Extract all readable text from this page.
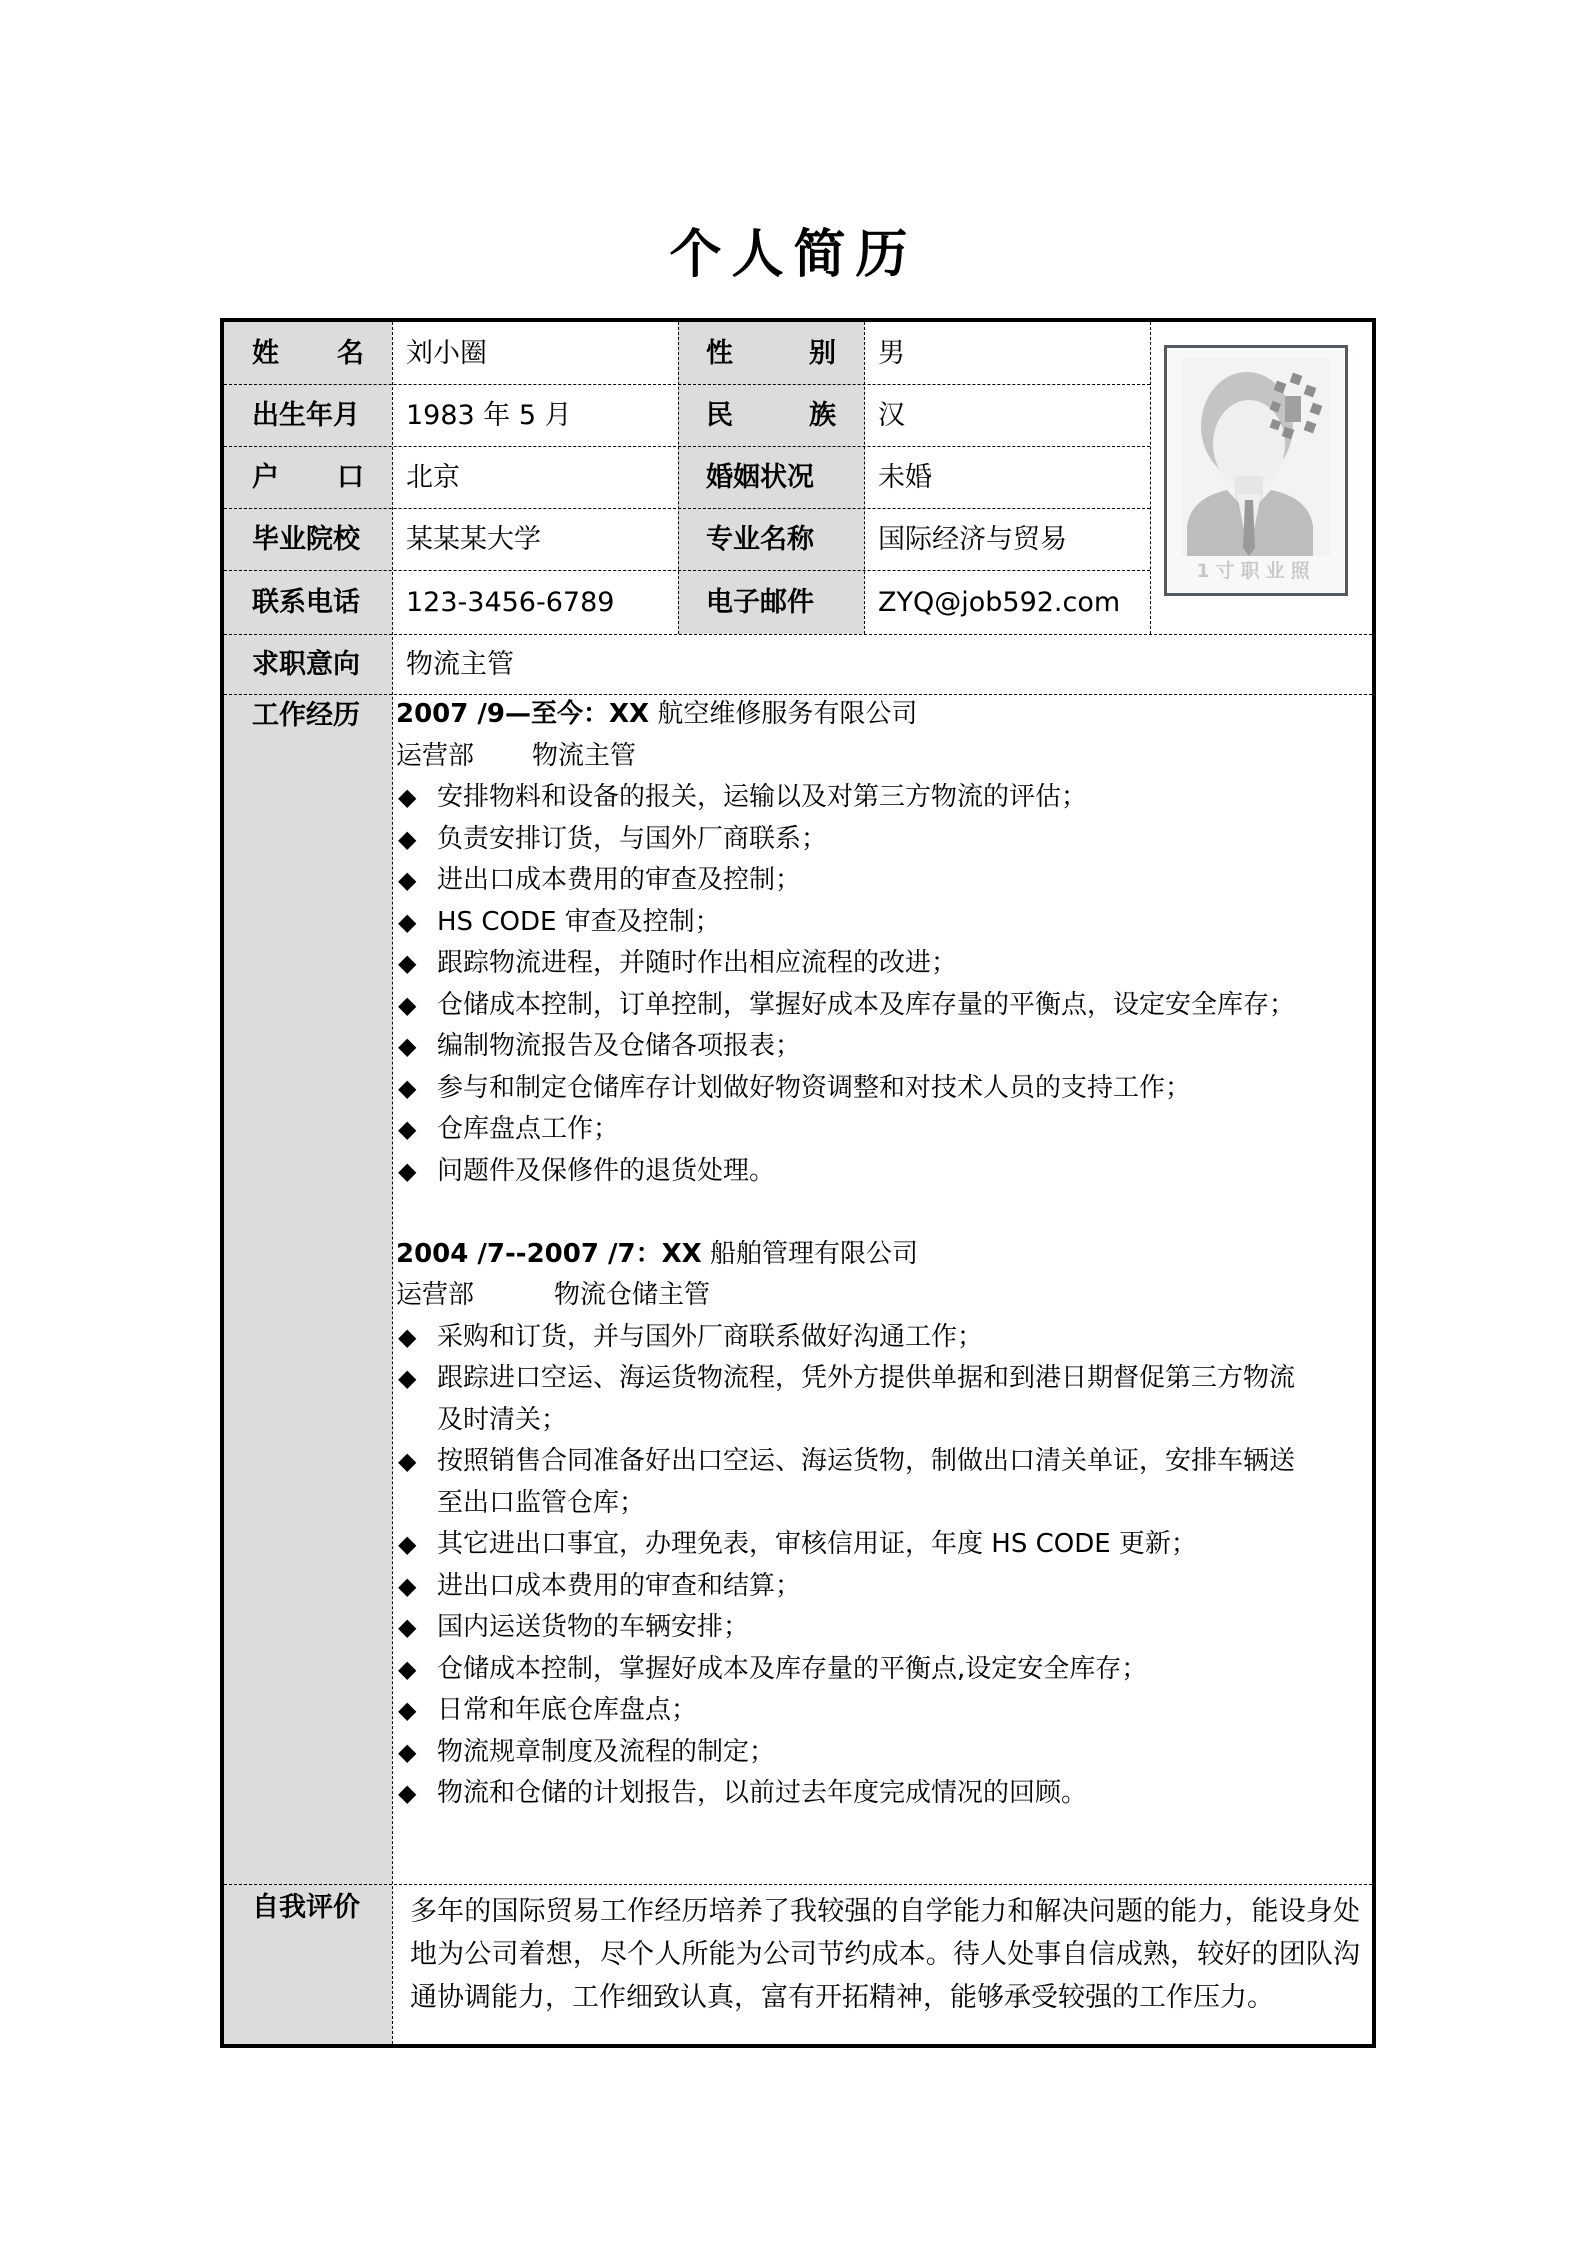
个人简历
姓 名	刘小圈	性	别	男
出生年月	1983 年 5 月	民	族	汉
户 口	北京	婚姻状况	未婚
毕业院校	某某某大学	专业名称	国际经济与贸易
联系电话	123-3456-6789	电子邮件	ZYQ@job592.com
1寸职业照
求职意向	物流主管
工作经历	2007 /9—至今：XX 航空维修服务有限公司
运营部 物流主管
◆ 安排物料和设备的报关，运输以及对第三方物流的评估；
◆ 负责安排订货，与国外厂商联系；
◆ 进出口成本费用的审查及控制；
◆ HS CODE 审查及控制；
◆ 跟踪物流进程，并随时作出相应流程的改进；
◆ 仓储成本控制，订单控制，掌握好成本及库存量的平衡点，设定安全库存；
◆ 编制物流报告及仓储各项报表；
◆ 参与和制定仓储库存计划做好物资调整和对技术人员的支持工作；
◆ 仓库盘点工作；
◆ 问题件及保修件的退货处理。
2004 /7--2007 /7：XX 船舶管理有限公司
运营部	物流仓储主管
◆ 采购和订货，并与国外厂商联系做好沟通工作；
◆ 跟踪进口空运、海运货物流程，凭外方提供单据和到港日期督促第三方物流及时清关；
◆ 按照销售合同准备好出口空运、海运货物，制做出口清关单证，安排车辆送至出口监管仓库；
◆ 其它进出口事宜，办理免表，审核信用证，年度 HS CODE 更新；
◆ 进出口成本费用的审查和结算；
◆ 国内运送货物的车辆安排；
◆ 仓储成本控制，掌握好成本及库存量的平衡点,设定安全库存；
◆ 日常和年底仓库盘点；
◆ 物流规章制度及流程的制定；
◆ 物流和仓储的计划报告，以前过去年度完成情况的回顾。
自我评价	多年的国际贸易工作经历培养了我较强的自学能力和解决问题的能力，能设身处地为公司着想，尽个人所能为公司节约成本。待人处事自信成熟，较好的团队沟通协调能力，工作细致认真，富有开拓精神，能够承受较强的工作压力。
